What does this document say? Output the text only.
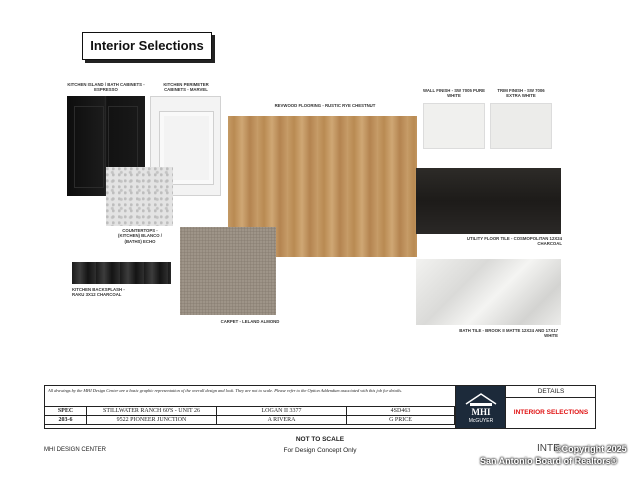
Interior Selections
KITCHEN ISLAND / BATH CABINETS - ESPRESSO
KITCHEN PERIMETER CABINETS - MARVEL
REVWOOD FLOORING - RUSTIC RYE CHESTNUT
WALL FINISH - SW 7005 PURE WHITE
TRIM FINISH - SW 7006 EXTRA WHITE
COUNTERTOPS - (KITCHEN) BLANCO / (BATHS) ECHO
UTILITY FLOOR TILE - COSMOPOLITAN 12X24 CHARCOAL
KITCHEN BACKSPLASH - RAKU 3X12 CHARCOAL
CARPET - LELAND ALMOND
BATH TILE - BROOK II MATTE 12X24 AND 17X17 WHITE
All drawings by the MHI Design Center are a basic graphic representation of the overall design and look. They are not to scale. Please refer to the Option Addendum associated with this job for details.
SPEC	STILLWATER RANCH 60'S - UNIT 26	LOGAN II 3377	4SD463
203-6	9522 PIONEER JUNCTION	A RIVERA	G PRICE
MHI
McGUYER
DETAILS
INTERIOR SELECTIONS
MHI DESIGN CENTER
NOT TO SCALE
For Design Concept Only	INTE
©Copyright 2025
San Antonio Board of Realtors®
